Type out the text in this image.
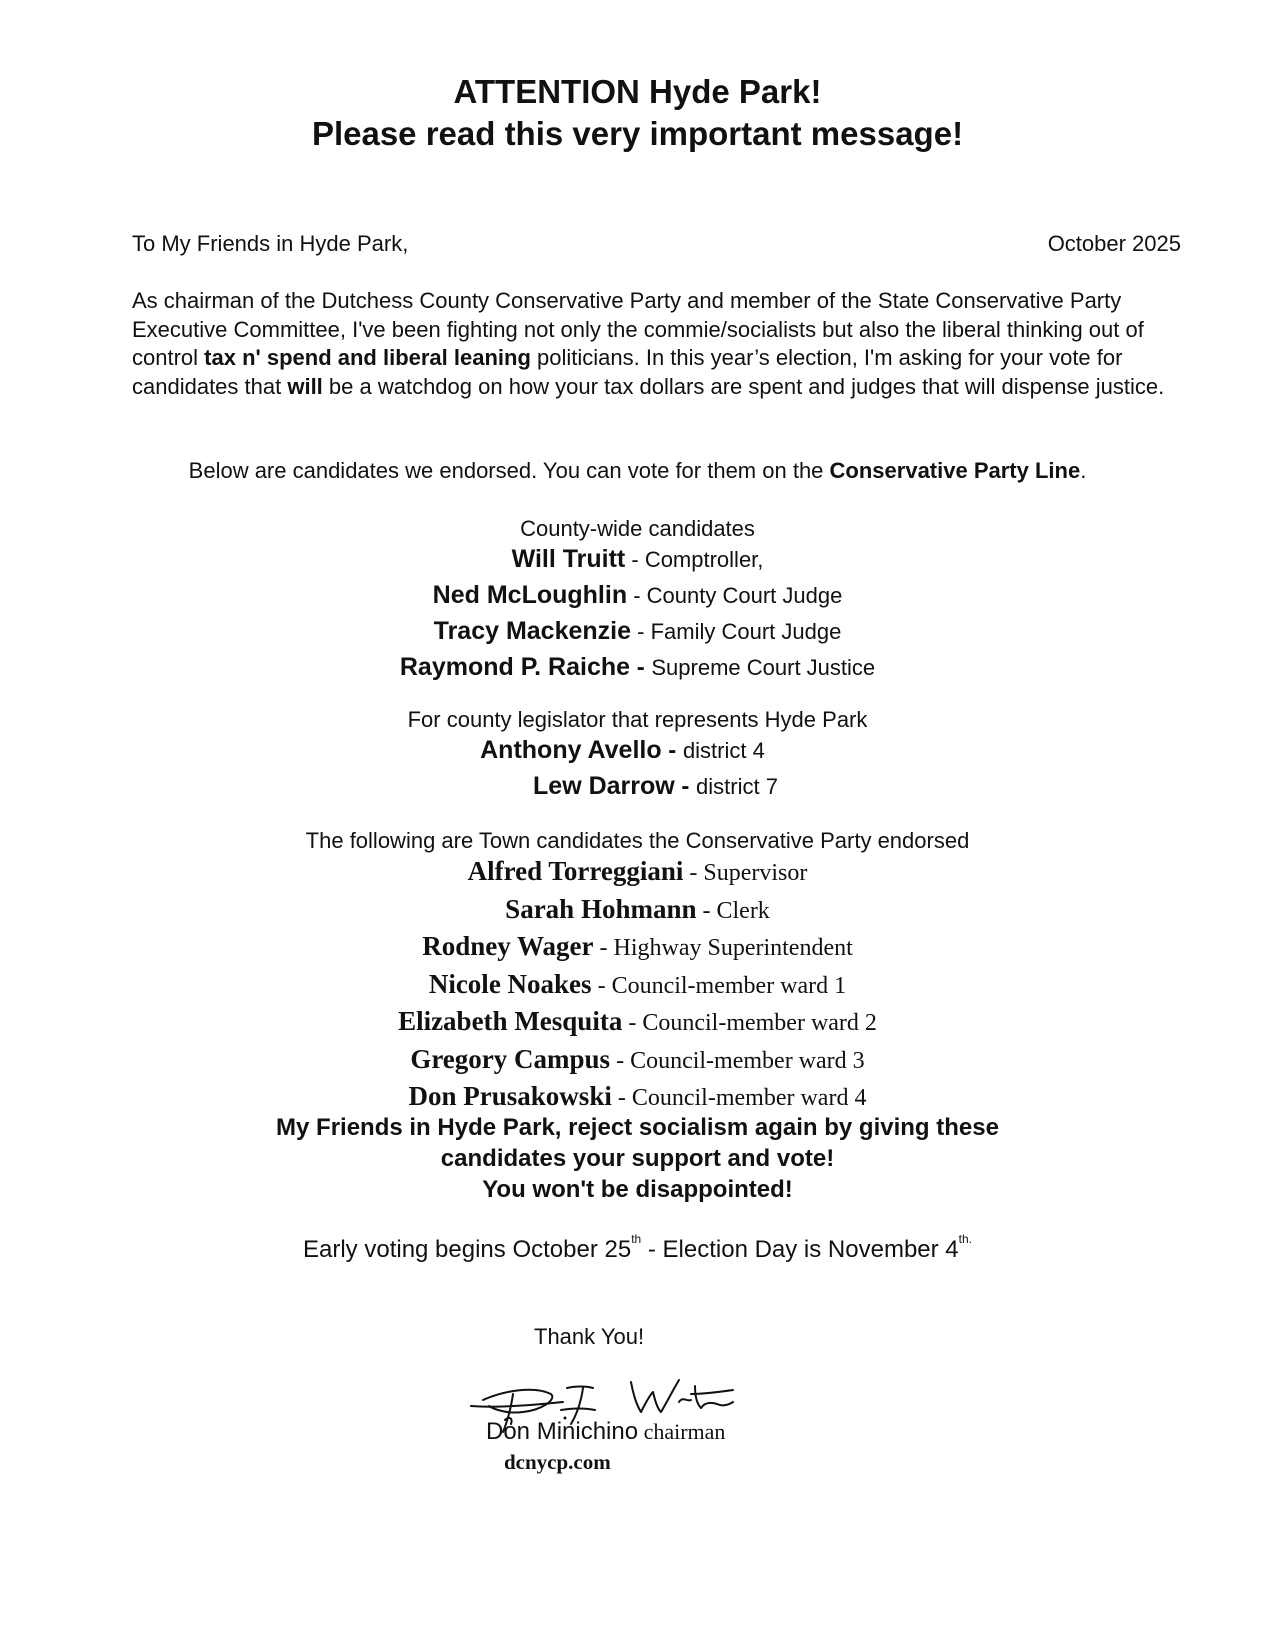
ATTENTION Hyde Park!
Please read this very important message!
To My Friends in Hyde Park,	October 2025
As chairman of the Dutchess County Conservative Party and member of the State Conservative Party Executive Committee, I've been fighting not only the commie/socialists but also the liberal thinking out of control tax n' spend and liberal leaning politicians. In this year’s election, I'm asking for your vote for candidates that will be a watchdog on how your tax dollars are spent and judges that will dispense justice.
Below are candidates we endorsed. You can vote for them on the Conservative Party Line.
County-wide candidates
Will Truitt - Comptroller,
Ned McLoughlin - County Court Judge
Tracy Mackenzie - Family Court Judge
Raymond P. Raiche - Supreme Court Justice
For county legislator that represents Hyde Park
Anthony Avello - district 4
Lew Darrow - district 7
The following are Town candidates the Conservative Party endorsed
Alfred Torreggiani - Supervisor
Sarah Hohmann - Clerk
Rodney Wager - Highway Superintendent
Nicole Noakes - Council-member ward 1
Elizabeth Mesquita - Council-member ward 2
Gregory Campus - Council-member ward 3
Don Prusakowski - Council-member ward 4
My Friends in Hyde Park, reject socialism again by giving these
candidates your support and vote!
You won't be disappointed!
Early voting begins October 25th - Election Day is November $4^{th.}$
Thank You!
Don Minichino chairman
dcnycp.com
